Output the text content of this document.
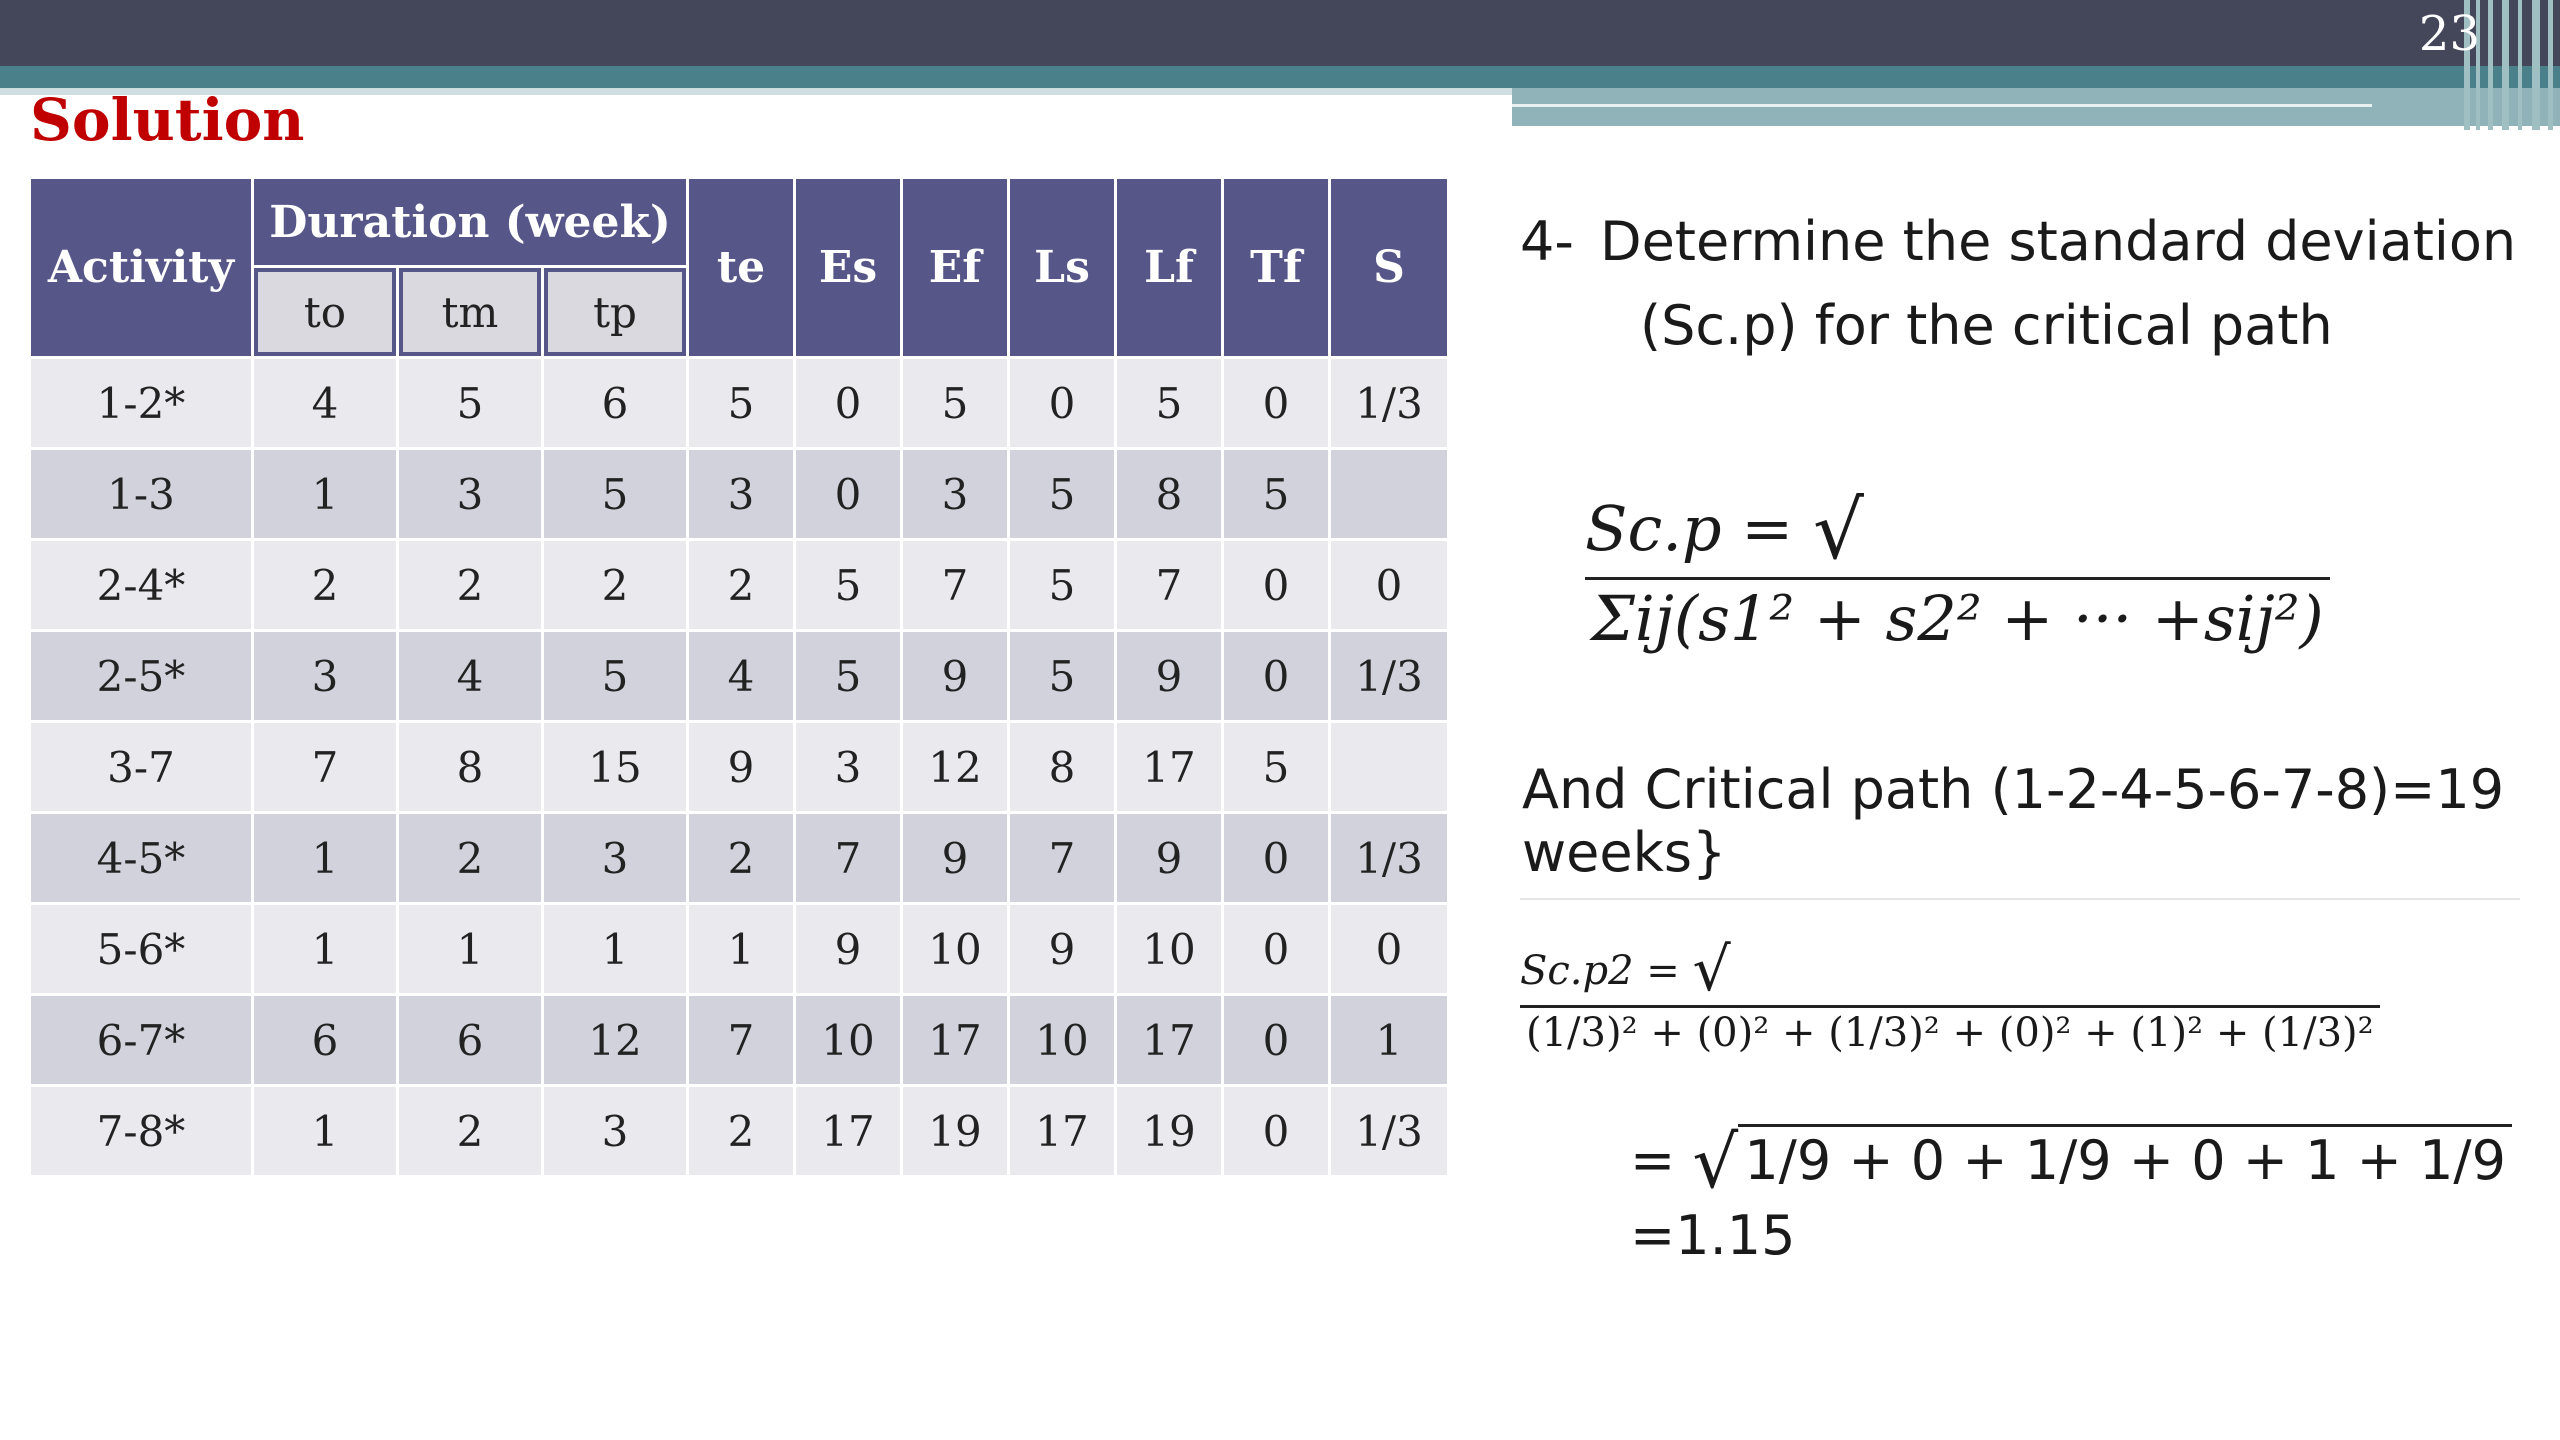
23
Solution
Activity	Duration (week)			te	Es	Ef	Ls	Lf	Tf	S
	to	tm	tp							
1-2*	4	5	6	5	0	5	0	5	0	1/3
1-3	1	3	5	3	0	3	5	8	5	
2-4*	2	2	2	2	5	7	5	7	0	0
2-5*	3	4	5	4	5	9	5	9	0	1/3
3-7	7	8	15	9	3	12	8	17	5	
4-5*	1	2	3	2	7	9	7	9	0	1/3
5-6*	1	1	1	1	9	10	9	10	0	0
6-7*	6	6	12	7	10	17	10	17	0	1
7-8*	1	2	3	2	17	19	17	19	0	1/3
4- Determine the standard deviation
(Sc.p) for the critical path
Sc.p = √Σij(s1² + s2² + ··· +sij²)
And Critical path (1-2-4-5-6-7-8)=19 weeks}
Sc.p2 = √(1/3)² + (0)² + (1/3)² + (0)² + (1)² + (1/3)²
= √ 1/9 + 0 + 1/9 + 0 + 1 + 1/9=1.15
